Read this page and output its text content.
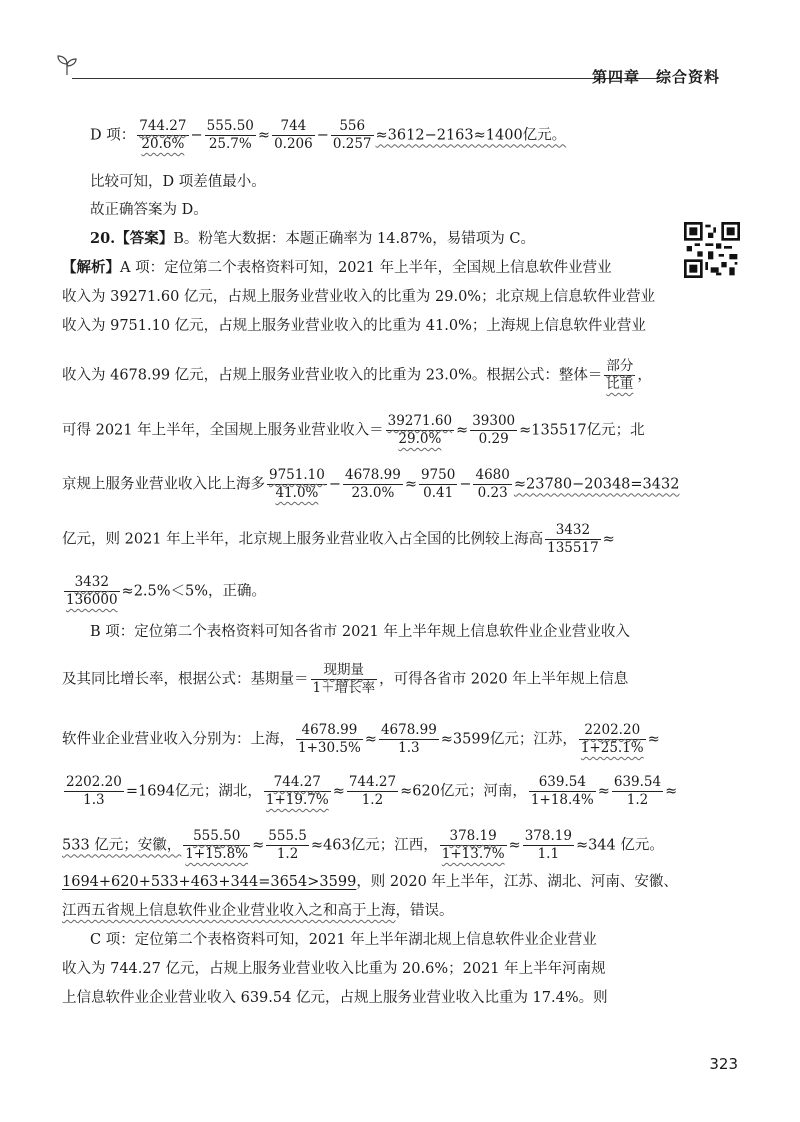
第四章　综合资料
D 项： $\frac{744.27}{20.6\%} - \frac{555.50}{25.7\%} \approx \frac{744}{0.206} - \frac{556}{0.257} \approx 3612-2163\approx 1400$亿元。
比较可知，D 项差值最小。
故正确答案为 D。
20.【答案】B。粉笔大数据：本题正确率为 14.87%，易错项为 C。
【解析】A 项：定位第二个表格资料可知，2021 年上半年，全国规上信息软件业营业
收入为 39271.60 亿元，占规上服务业营业收入的比重为 29.0%；北京规上信息软件业营业
收入为 9751.10 亿元，占规上服务业营业收入的比重为 41.0%；上海规上信息软件业营业
收入为 4678.99 亿元，占规上服务业营业收入的比重为 23.0%。根据公式：整体＝ $\frac{\text{部分}}{\text{比重}}$ ，
可得 2021 年上半年，全国规上服务业营业收入＝ $\frac{39271.60}{29.0\%} \approx \frac{39300}{0.29} \approx 135517$亿元；北
京规上服务业营业收入比上海多 $\frac{9751.10}{41.0\%} - \frac{4678.99}{23.0\%} \approx \frac{9750}{0.41} - \frac{4680}{0.23} \approx 23780-20348=3432$
亿元，则 2021 年上半年，北京规上服务业营业收入占全国的比例较上海高 $\frac{3432}{135517}$ ≈
$\frac{3432}{136000} \approx 2.5\%<5\%$，正确。
B 项：定位第二个表格资料可知各省市 2021 年上半年规上信息软件业企业营业收入
及其同比增长率，根据公式：基期量＝ $\frac{\text{现期量}}{\text{1＋增长率}}$ ，可得各省市 2020 年上半年规上信息
软件业企业营业收入分别为：上海， $\frac{4678.99}{1+30.5\%} \approx \frac{4678.99}{1.3} \approx 3599$亿元；江苏， $\frac{2202.20}{1+25.1\%}$ ≈
$\frac{2202.20}{1.3} =1694$亿元；湖北， $\frac{744.27}{1+19.7\%} \approx \frac{744.27}{1.2} \approx 620$亿元；河南， $\frac{639.54}{1+18.4\%} \approx \frac{639.54}{1.2}$ ≈
533 亿元；安徽， $\frac{555.50}{1+15.8\%} \approx \frac{555.5}{1.2} \approx 463$亿元；江西， $\frac{378.19}{1+13.7\%} \approx \frac{378.19}{1.1} \approx 344$ 亿元。
1694+620+533+463+344=3654>3599，则 2020 年上半年，江苏、湖北、河南、安徽、
江西五省规上信息软件业企业营业收入之和高于上海，错误。
C 项：定位第二个表格资料可知，2021 年上半年湖北规上信息软件业企业营业
收入为 744.27 亿元，占规上服务业营业收入比重为 20.6%；2021 年上半年河南规
上信息软件业企业营业收入 639.54 亿元，占规上服务业营业收入比重为 17.4%。则
323
